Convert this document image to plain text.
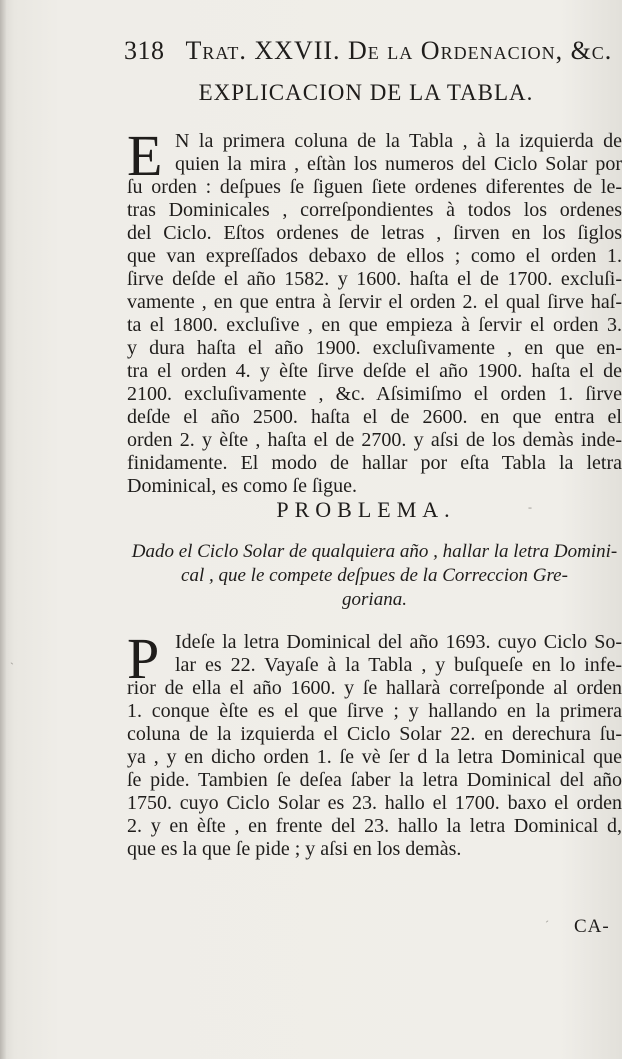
318 Trat. XXVII. De la Ordenacion, &c.
EXPLICACION DE LA TABLA.
E N la primera coluna de la Tabla , à la izquierda de
quien la mira , eſtàn los numeros del Ciclo Solar por
ſu orden : deſpues ſe ſiguen ſiete ordenes diferentes de le-
tras Dominicales , correſpondientes à todos los ordenes
del Ciclo. Eſtos ordenes de letras , ſirven en los ſiglos
que van expreſſados debaxo de ellos ; como el orden 1.
ſirve deſde el año 1582. y 1600. haſta el de 1700. excluſi-
vamente , en que entra à ſervir el orden 2. el qual ſirve haſ-
ta el 1800. excluſive , en que empieza à ſervir el orden 3.
y dura haſta el año 1900. excluſivamente , en que en-
tra el orden 4. y èſte ſirve deſde el año 1900. haſta el de
2100. excluſivamente , &c. Aſsimiſmo el orden 1. ſirve
deſde el año 2500. haſta el de 2600. en que entra el
orden 2. y èſte , haſta el de 2700. y aſsi de los demàs inde-
finidamente. El modo de hallar por eſta Tabla la letra
Dominical, es como ſe ſigue.
PROBLEMA.
Dado el Ciclo Solar de qualquiera año , hallar la letra Domini-
cal , que le compete deſpues de la Correccion Gre-
goriana.
P Ideſe la letra Dominical del año 1693. cuyo Ciclo So-
lar es 22. Vayaſe à la Tabla , y buſqueſe en lo infe-
rior de ella el año 1600. y ſe hallarà correſponde al orden
1. conque èſte es el que ſirve ; y hallando en la primera
coluna de la izquierda el Ciclo Solar 22. en derechura ſu-
ya , y en dicho orden 1. ſe vè ſer d la letra Dominical que
ſe pide. Tambien ſe deſea ſaber la letra Dominical del año
1750. cuyo Ciclo Solar es 23. hallo el 1700. baxo el orden
2. y en èſte , en frente del 23. hallo la letra Dominical d,
que es la que ſe pide ; y aſsi en los demàs.
CA-
ˋ
-
ˊ
